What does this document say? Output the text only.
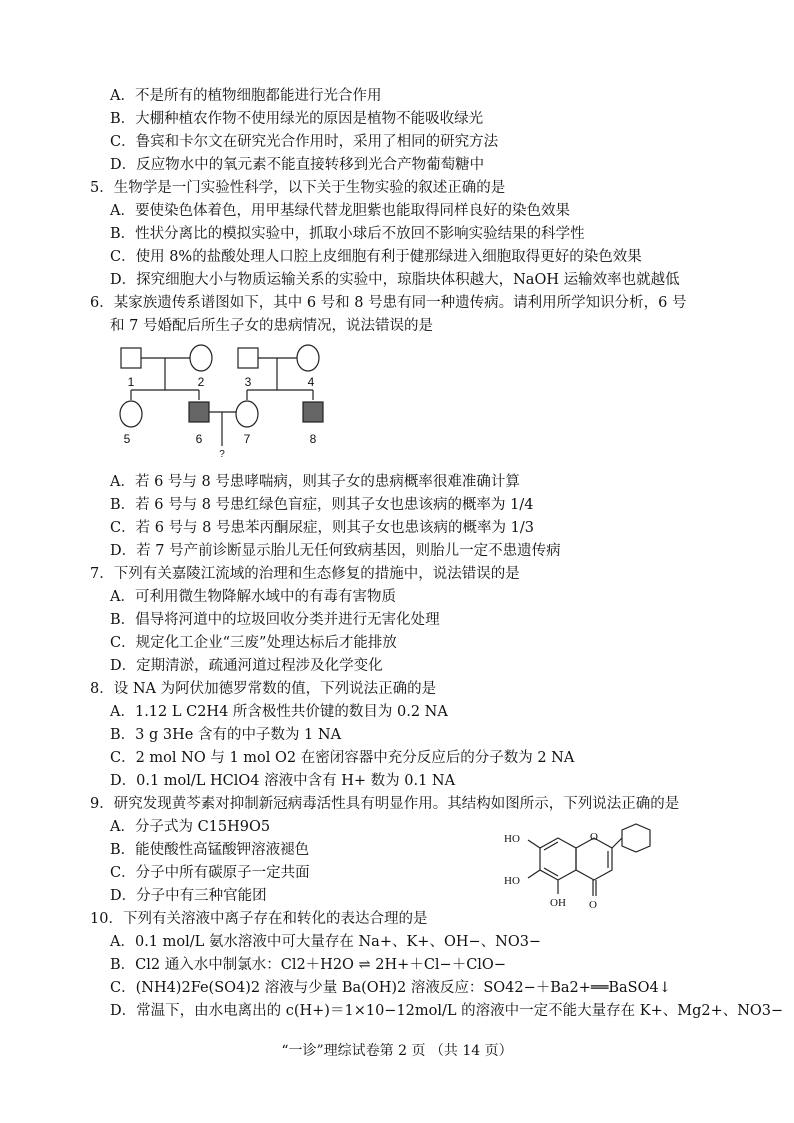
A．不是所有的植物细胞都能进行光合作用
B．大棚种植农作物不使用绿光的原因是植物不能吸收绿光
C．鲁宾和卡尔文在研究光合作用时，采用了相同的研究方法
D．反应物水中的氧元素不能直接转移到光合产物葡萄糖中
5．生物学是一门实验性科学，以下关于生物实验的叙述正确的是
A．要使染色体着色，用甲基绿代替龙胆紫也能取得同样良好的染色效果
B．性状分离比的模拟实验中，抓取小球后不放回不影响实验结果的科学性
C．使用 8%的盐酸处理人口腔上皮细胞有利于健那绿进入细胞取得更好的染色效果
D．探究细胞大小与物质运输关系的实验中，琼脂块体积越大，NaOH 运输效率也就越低
6．某家族遗传系谱图如下，其中 6 号和 8 号患有同一种遗传病。请利用所学知识分析，6 号
和 7 号婚配后所生子女的患病情况，说法错误的是
1	2	3	4
5	6	7	8
?
A．若 6 号与 8 号患哮喘病，则其子女的患病概率很难准确计算
B．若 6 号与 8 号患红绿色盲症，则其子女也患该病的概率为 1/4
C．若 6 号与 8 号患苯丙酮尿症，则其子女也患该病的概率为 1/3
D．若 7 号产前诊断显示胎儿无任何致病基因，则胎儿一定不患遗传病
7．下列有关嘉陵江流域的治理和生态修复的措施中，说法错误的是
A．可利用微生物降解水域中的有毒有害物质
B．倡导将河道中的垃圾回收分类并进行无害化处理
C．规定化工企业“三废”处理达标后才能排放
D．定期清淤，疏通河道过程涉及化学变化
8．设 NA 为阿伏加德罗常数的值，下列说法正确的是
A．1.12 L C2H4 所含极性共价键的数目为 0.2 NA
B．3 g 3He 含有的中子数为 1 NA
C．2 mol NO 与 1 mol O2 在密闭容器中充分反应后的分子数为 2 NA
D．0.1 mol/L HClO4 溶液中含有 H+ 数为 0.1 NA
9．研究发现黄芩素对抑制新冠病毒活性具有明显作用。其结构如图所示，下列说法正确的是
A．分子式为 C15H9O5
B．能使酸性高锰酸钾溶液褪色
C．分子中所有碳原子一定共面
D．分子中有三种官能团
HO
HO
OH O
O
10．下列有关溶液中离子存在和转化的表达合理的是
A．0.1 mol/L 氨水溶液中可大量存在 Na+、K+、OH−、NO3−
B．Cl2 通入水中制氯水：Cl2＋H2O ⇌ 2H+＋Cl−＋ClO−
C．(NH4)2Fe(SO4)2 溶液与少量 Ba(OH)2 溶液反应：SO42−＋Ba2+══BaSO4↓
D．常温下，由水电离出的 c(H+)＝1×10−12mol/L 的溶液中一定不能大量存在 K+、Mg2+、NO3−
“一诊”理综试卷第 2 页 （共 14 页）
